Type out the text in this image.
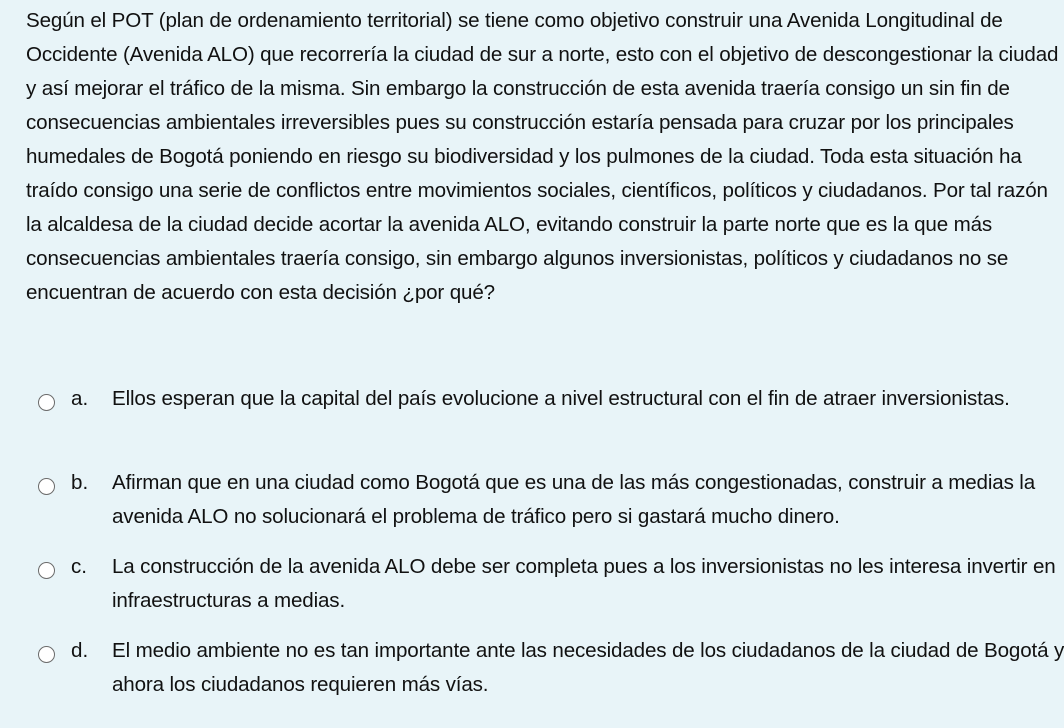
Según el POT (plan de ordenamiento territorial) se tiene como objetivo construir una Avenida Longitudinal de Occidente (Avenida ALO) que recorrería la ciudad de sur a norte, esto con el objetivo de descongestionar la ciudad y así mejorar el tráfico de la misma. Sin embargo la construcción de esta avenida traería consigo un sin fin de consecuencias ambientales irreversibles pues su construcción estaría pensada para cruzar por los principales humedales de Bogotá poniendo en riesgo su biodiversidad y los pulmones de la ciudad. Toda esta situación ha traído consigo una serie de conflictos entre movimientos sociales, científicos, políticos y ciudadanos. Por tal razón la alcaldesa de la ciudad decide acortar la avenida ALO, evitando construir la parte norte que es la que más consecuencias ambientales traería consigo, sin embargo algunos inversionistas, políticos y ciudadanos no se encuentran de acuerdo con esta decisión ¿por qué?

a. Ellos esperan que la capital del país evolucione a nivel estructural con el fin de atraer inversionistas.
b. Afirman que en una ciudad como Bogotá que es una de las más congestionadas, construir a medias la avenida ALO no solucionará el problema de tráfico pero si gastará mucho dinero.
c. La construcción de la avenida ALO debe ser completa pues a los inversionistas no les interesa invertir en infraestructuras a medias.
d. El medio ambiente no es tan importante ante las necesidades de los ciudadanos de la ciudad de Bogotá y ahora los ciudadanos requieren más vías.
